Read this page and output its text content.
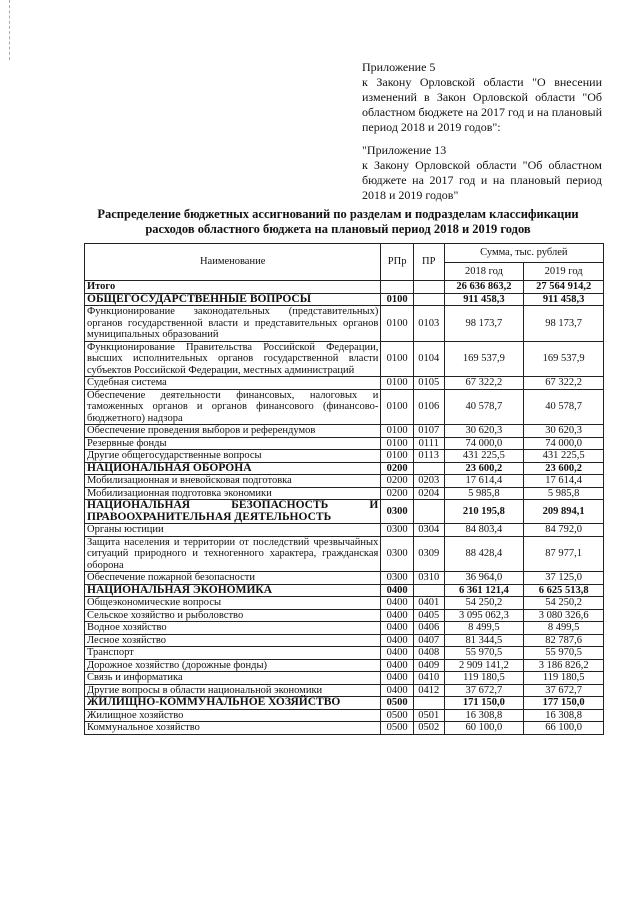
Приложение 5

к Закону Орловской области "О внесении изменений в Закон Орловской области "Об областном бюджете на 2017 год и на плановый период 2018 и 2019 годов":

"Приложение 13

к Закону Орловской области "Об областном бюджете на 2017 год и на плановый период 2018 и 2019 годов"

Распределение бюджетных ассигнований по разделам и подразделам классификации расходов областного бюджета на плановый период 2018 и 2019 годов
Наименование	РПр	ПР	Сумма, тыс. рублей	
			2018 год	2019 год
Итого			26 636 863,2	27 564 914,2
ОБЩЕГОСУДАРСТВЕННЫЕ ВОПРОСЫ	0100		911 458,3	911 458,3
Функционирование законодательных (представительных) органов государственной власти и представительных органов муниципальных образований	0100	0103	98 173,7	98 173,7
Функционирование Правительства Российской Федерации, высших исполнительных органов государственной власти субъектов Российской Федерации, местных администраций	0100	0104	169 537,9	169 537,9
Судебная система	0100	0105	67 322,2	67 322,2
Обеспечение деятельности финансовых, налоговых и таможенных органов и органов финансового (финансово-бюджетного) надзора	0100	0106	40 578,7	40 578,7
Обеспечение проведения выборов и референдумов	0100	0107	30 620,3	30 620,3
Резервные фонды	0100	0111	74 000,0	74 000,0
Другие общегосударственные вопросы	0100	0113	431 225,5	431 225,5
НАЦИОНАЛЬНАЯ ОБОРОНА	0200		23 600,2	23 600,2
Мобилизационная и вневойсковая подготовка	0200	0203	17 614,4	17 614,4
Мобилизационная подготовка экономики	0200	0204	5 985,8	5 985,8
НАЦИОНАЛЬНАЯ БЕЗОПАСНОСТЬ И ПРАВООХРАНИТЕЛЬНАЯ ДЕЯТЕЛЬНОСТЬ	0300		210 195,8	209 894,1
Органы юстиции	0300	0304	84 803,4	84 792,0
Защита населения и территории от последствий чрезвычайных ситуаций природного и техногенного характера, гражданская оборона	0300	0309	88 428,4	87 977,1
Обеспечение пожарной безопасности	0300	0310	36 964,0	37 125,0
НАЦИОНАЛЬНАЯ ЭКОНОМИКА	0400		6 361 121,4	6 625 513,8
Общеэкономические вопросы	0400	0401	54 250,2	54 250,2
Сельское хозяйство и рыболовство	0400	0405	3 095 062,3	3 080 326,6
Водное хозяйство	0400	0406	8 499,5	8 499,5
Лесное хозяйство	0400	0407	81 344,5	82 787,6
Транспорт	0400	0408	55 970,5	55 970,5
Дорожное хозяйство (дорожные фонды)	0400	0409	2 909 141,2	3 186 826,2
Связь и информатика	0400	0410	119 180,5	119 180,5
Другие вопросы в области национальной экономики	0400	0412	37 672,7	37 672,7
ЖИЛИЩНО-КОММУНАЛЬНОЕ ХОЗЯЙСТВО	0500		171 150,0	177 150,0
Жилищное хозяйство	0500	0501	16 308,8	16 308,8
Коммунальное хозяйство	0500	0502	60 100,0	66 100,0
